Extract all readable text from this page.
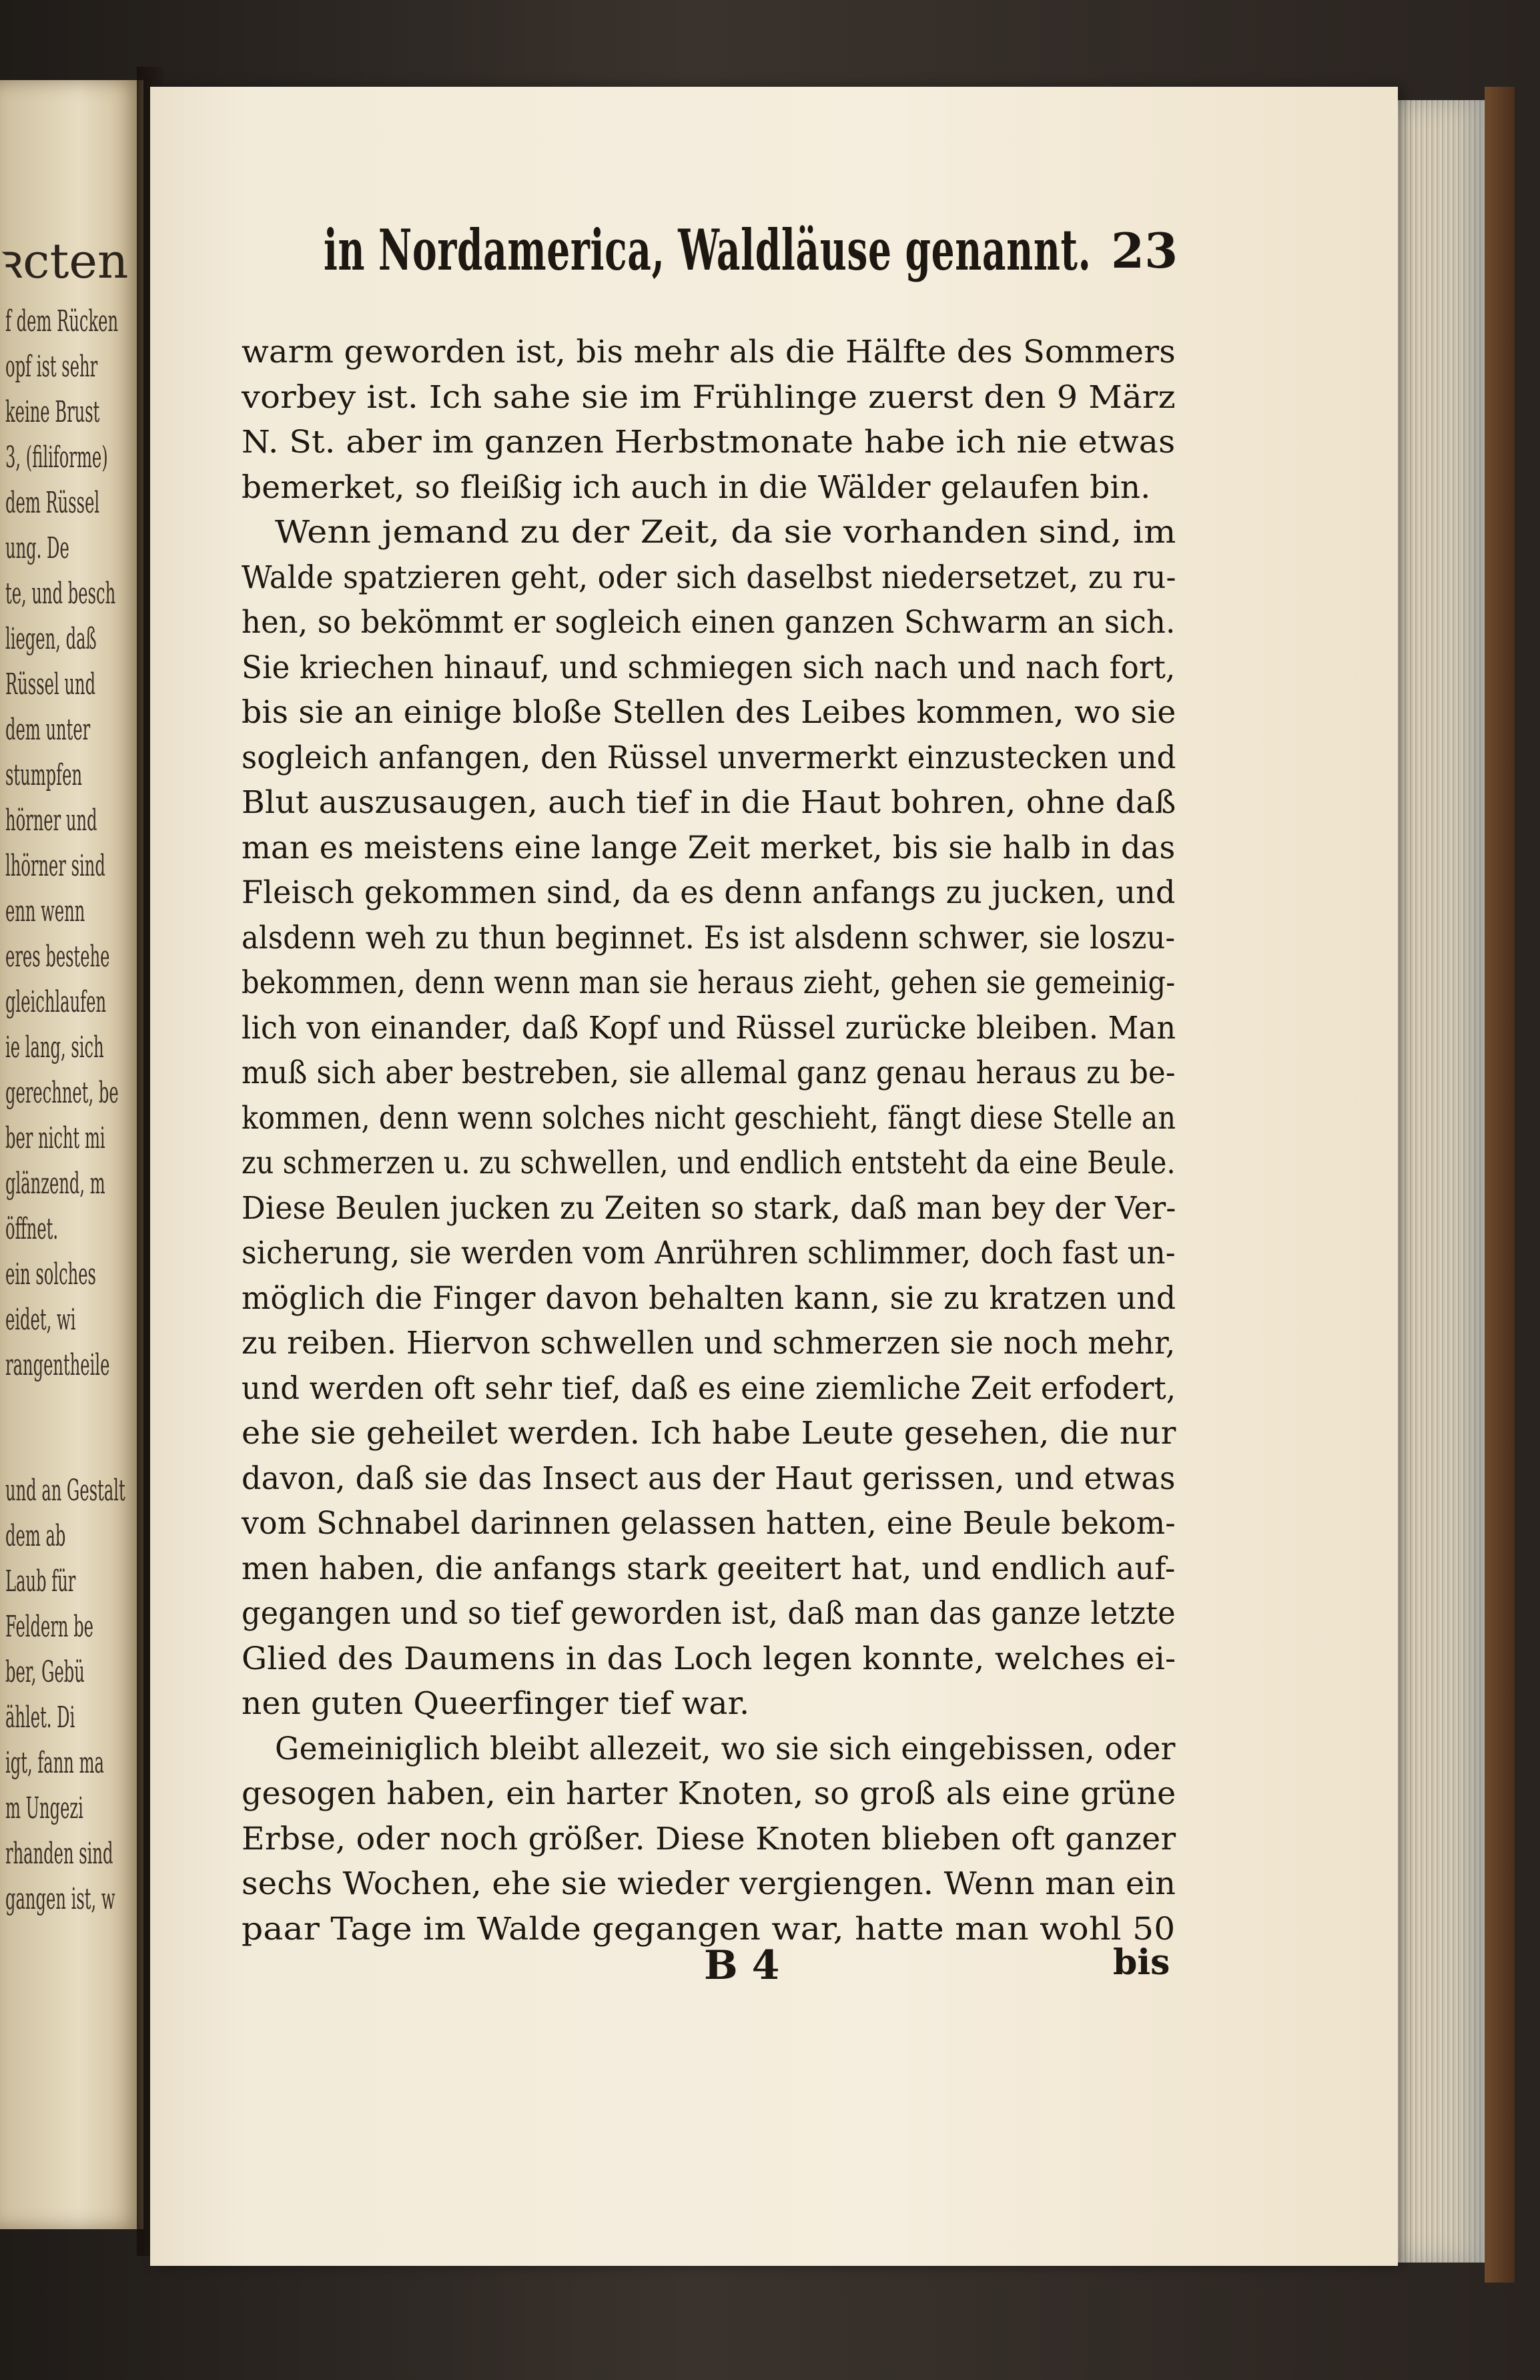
ꝛcten
f dem Rücken
opf ist sehr
keine Brust
3, (filiforme)
dem Rüssel
ung. De
te, und besch
liegen, daß
Rüssel und
dem unter
stumpfen
hörner und
lhörner sind
enn wenn
eres bestehe
gleichlaufen
ie lang, sich
gerechnet, be
ber nicht mi
glänzend, m
öffnet.
ein solches
eidet, wi
rangentheile
und an Gestalt
dem ab
Laub für
Feldern be
ber, Gebü
ählet. Di
igt, fann ma
m Ungezi
rhanden sind
gangen ist, w
in Nordamerica, Waldläuse genannt. 23
warm geworden ist, bis mehr als die Hälfte des Sommers
vorbey ist. Ich sahe sie im Frühlinge zuerst den 9 März
N. St. aber im ganzen Herbstmonate habe ich nie etwas
bemerket, so fleißig ich auch in die Wälder gelaufen bin.
Wenn jemand zu der Zeit, da sie vorhanden sind, im
Walde spatzieren geht, oder sich daselbst niedersetzet, zu ru-
hen, so bekömmt er sogleich einen ganzen Schwarm an sich.
Sie kriechen hinauf, und schmiegen sich nach und nach fort,
bis sie an einige bloße Stellen des Leibes kommen, wo sie
sogleich anfangen, den Rüssel unvermerkt einzustecken und
Blut auszusaugen, auch tief in die Haut bohren, ohne daß
man es meistens eine lange Zeit merket, bis sie halb in das
Fleisch gekommen sind, da es denn anfangs zu jucken, und
alsdenn weh zu thun beginnet. Es ist alsdenn schwer, sie loszu-
bekommen, denn wenn man sie heraus zieht, gehen sie gemeinig-
lich von einander, daß Kopf und Rüssel zurücke bleiben. Man
muß sich aber bestreben, sie allemal ganz genau heraus zu be-
kommen, denn wenn solches nicht geschieht, fängt diese Stelle an
zu schmerzen u. zu schwellen, und endlich entsteht da eine Beule.
Diese Beulen jucken zu Zeiten so stark, daß man bey der Ver-
sicherung, sie werden vom Anrühren schlimmer, doch fast un-
möglich die Finger davon behalten kann, sie zu kratzen und
zu reiben. Hiervon schwellen und schmerzen sie noch mehr,
und werden oft sehr tief, daß es eine ziemliche Zeit erfodert,
ehe sie geheilet werden. Ich habe Leute gesehen, die nur
davon, daß sie das Insect aus der Haut gerissen, und etwas
vom Schnabel darinnen gelassen hatten, eine Beule bekom-
men haben, die anfangs stark geeitert hat, und endlich auf-
gegangen und so tief geworden ist, daß man das ganze letzte
Glied des Daumens in das Loch legen konnte, welches ei-
nen guten Queerfinger tief war.
Gemeiniglich bleibt allezeit, wo sie sich eingebissen, oder
gesogen haben, ein harter Knoten, so groß als eine grüne
Erbse, oder noch größer. Diese Knoten blieben oft ganzer
sechs Wochen, ehe sie wieder vergiengen. Wenn man ein
paar Tage im Walde gegangen war, hatte man wohl 50
B 4	bis
